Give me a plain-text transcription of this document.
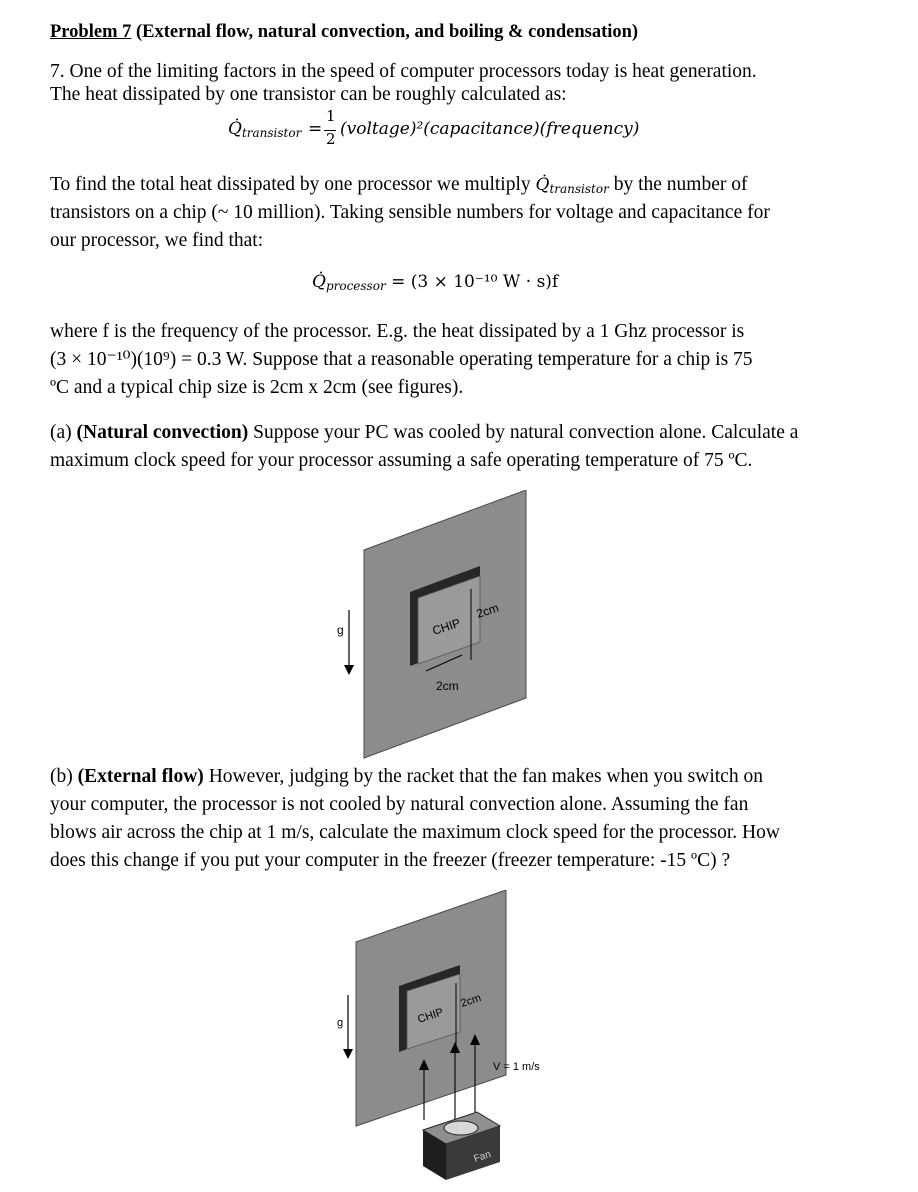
Problem 7 (External flow, natural convection, and boiling & condensation)
7. One of the limiting factors in the speed of computer processors today is heat generation.
The heat dissipated by one transistor can be roughly calculated as:
$Q̇_{transistor}$ =
1
2 (voltage)²(capacitance)(frequency)
To find the total heat dissipated by one processor we multiply $Q̇_{transistor}$ by the number of
transistors on a chip (~ 10 million). Taking sensible numbers for voltage and capacitance for
our processor, we find that:
$Q̇_{processor} = (3 \times 10^{-10}$ W · s)f
where f is the frequency of the processor. E.g. the heat dissipated by a 1 Ghz processor is
(3 × 10⁻¹⁰)(10⁹) = 0.3 W. Suppose that a reasonable operating temperature for a chip is 75
ºC and a typical chip size is 2cm x 2cm (see figures).
(a) (Natural convection) Suppose your PC was cooled by natural convection alone. Calculate a
maximum clock speed for your processor assuming a safe operating temperature of 75 ºC.
CHIP
2cm
2cm
g
(b) (External flow) However, judging by the racket that the fan makes when you switch on
your computer, the processor is not cooled by natural convection alone. Assuming the fan
blows air across the chip at 1 m/s, calculate the maximum clock speed for the processor. How
does this change if you put your computer in the freezer (freezer temperature: -15 ºC) ?
CHIP
2cm
g
V = 1 m/s
Fan
